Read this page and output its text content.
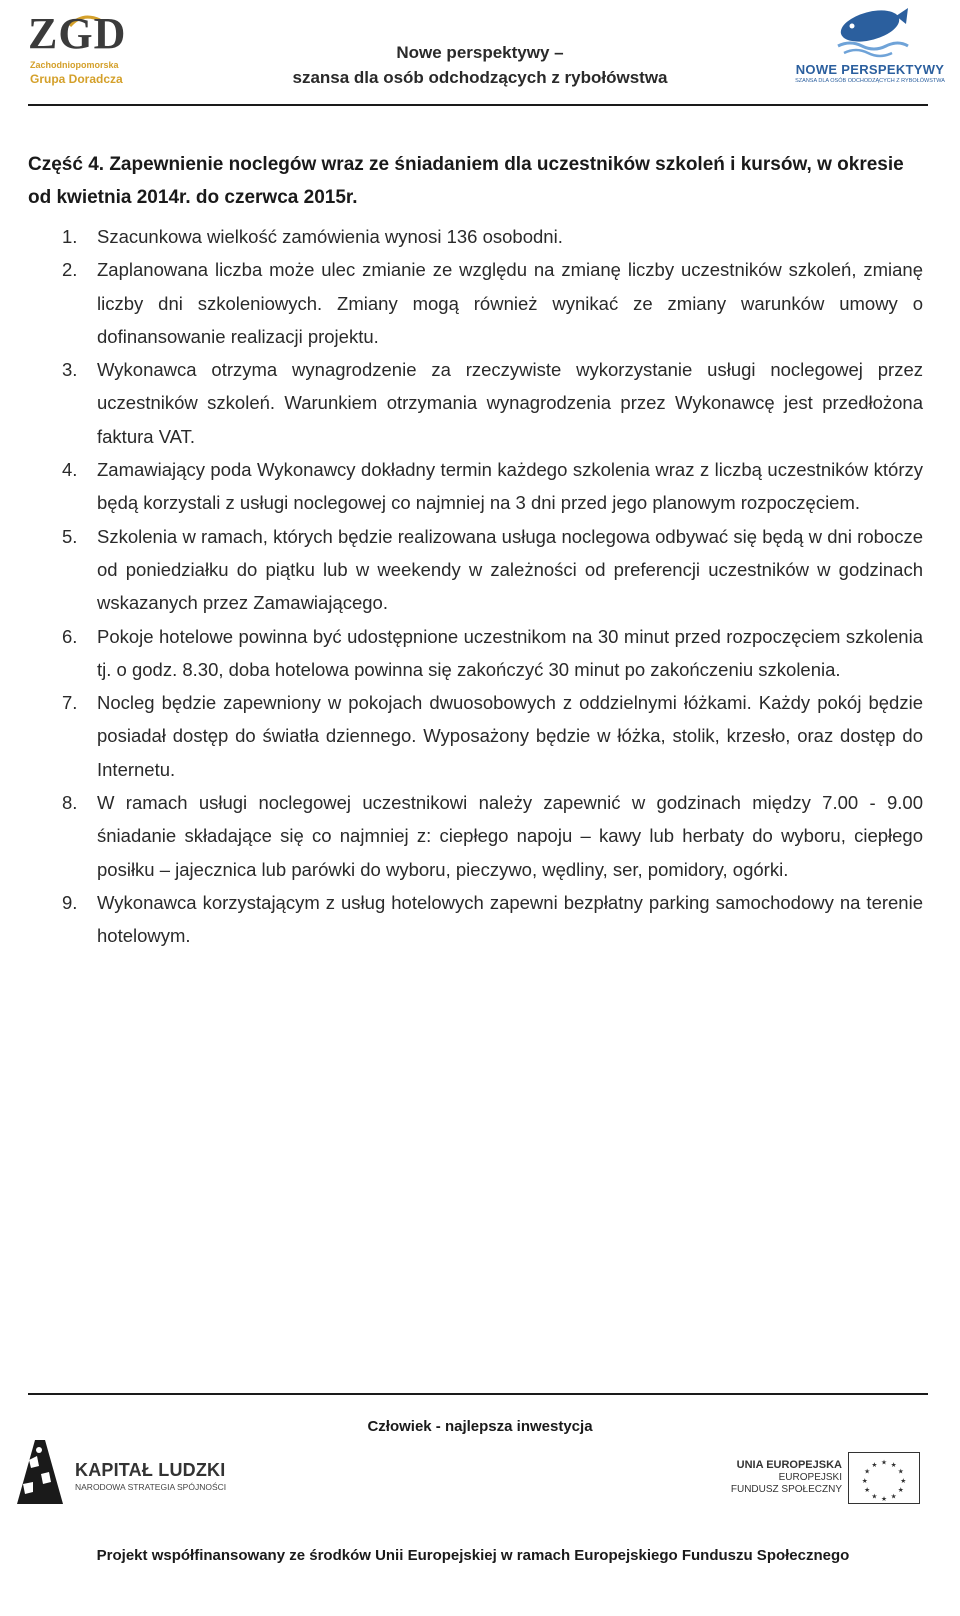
ZGD
Zachodniopomorska
Grupa Doradcza
Nowe perspektywy –
szansa dla osób odchodzących z rybołówstwa	NOWE PERSPEKTYWY
SZANSA DLA OSÓB ODCHODZĄCYCH Z RYBOŁÓWSTWA

Część 4. Zapewnienie noclegów wraz ze śniadaniem dla uczestników szkoleń i kursów, w okresie od kwietnia 2014r. do czerwca 2015r.

1. Szacunkowa wielkość zamówienia wynosi 136 osobodni.
2. Zaplanowana liczba może ulec zmianie ze względu na zmianę liczby uczestników szkoleń, zmianę liczby dni szkoleniowych. Zmiany mogą również wynikać ze zmiany warunków umowy o dofinansowanie realizacji projektu.
3. Wykonawca otrzyma wynagrodzenie za rzeczywiste wykorzystanie usługi noclegowej przez uczestników szkoleń. Warunkiem otrzymania wynagrodzenia przez Wykonawcę jest przedłożona faktura VAT.
4. Zamawiający poda Wykonawcy dokładny termin każdego szkolenia wraz z liczbą uczestników którzy będą korzystali z usługi noclegowej co najmniej na 3 dni przed jego planowym rozpoczęciem.
5. Szkolenia w ramach, których będzie realizowana usługa noclegowa odbywać się będą w dni robocze od poniedziałku do piątku lub w weekendy w zależności od preferencji uczestników w godzinach wskazanych przez Zamawiającego.
6. Pokoje hotelowe powinna być udostępnione uczestnikom na 30 minut przed rozpoczęciem szkolenia tj. o godz. 8.30, doba hotelowa powinna się zakończyć 30 minut po zakończeniu szkolenia.
7. Nocleg będzie zapewniony w pokojach dwuosobowych z oddzielnymi łóżkami. Każdy pokój będzie posiadał dostęp do światła dziennego. Wyposażony będzie w łóżka, stolik, krzesło, oraz dostęp do Internetu.
8. W ramach usługi noclegowej uczestnikowi należy zapewnić w godzinach między 7.00 - 9.00 śniadanie składające się co najmniej z: ciepłego napoju – kawy lub herbaty do wyboru, ciepłego posiłku – jajecznica lub parówki do wyboru, pieczywo, wędliny, ser, pomidory, ogórki.
9. Wykonawca korzystającym z usług hotelowych zapewni bezpłatny parking samochodowy na terenie hotelowym.
Człowiek - najlepsza inwestycja
KAPITAŁ LUDZKI
NARODOWA STRATEGIA SPÓJNOŚCI
UNIA EUROPEJSKA
EUROPEJSKI
FUNDUSZ SPOŁECZNY
★ ★
★
★
★
★
★
★
★
★
★
★
Projekt współfinansowany ze środków Unii Europejskiej w ramach Europejskiego Funduszu Społecznego
